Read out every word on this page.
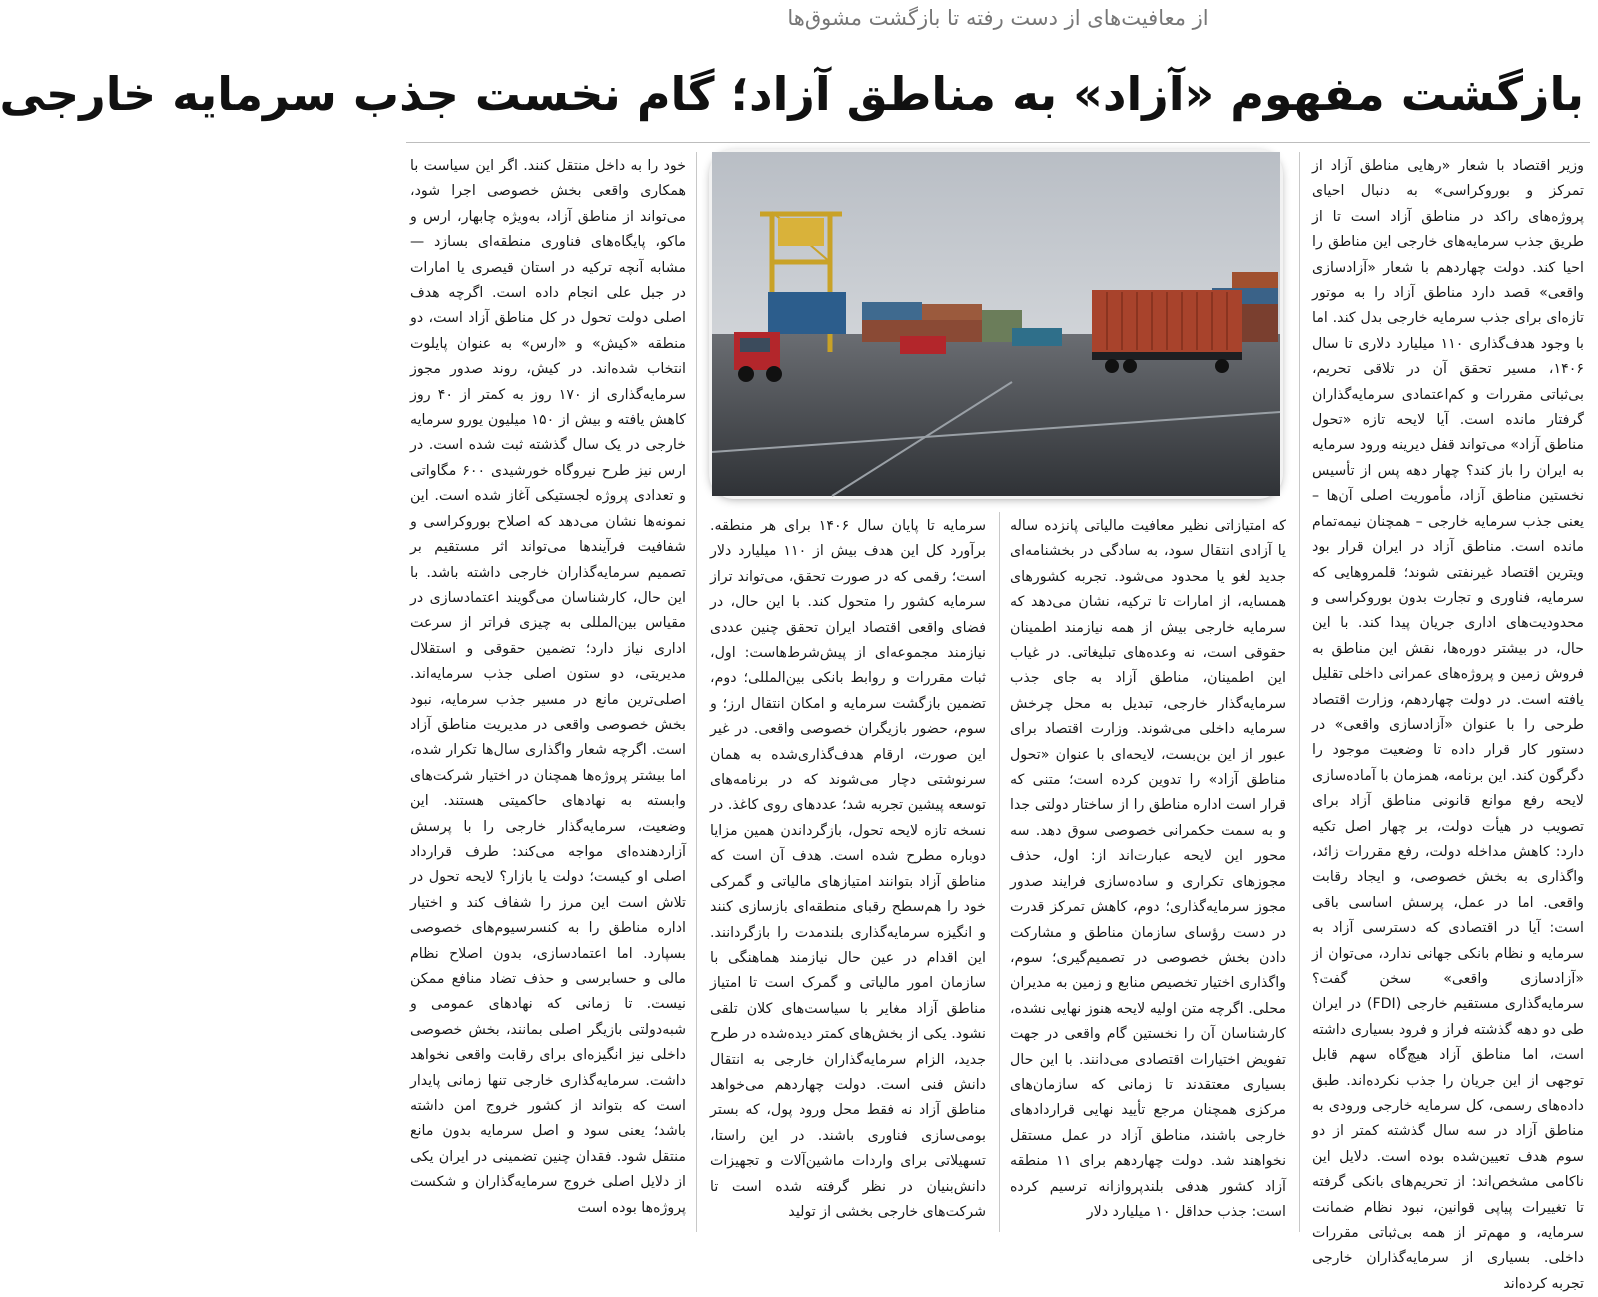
از معافیت‌های از دست رفته تا بازگشت مشوق‌ها
بازگشت مفهوم «آزاد» به مناطق آزاد؛ گام نخست جذب سرمایه خارجی

وزیر اقتصاد با شعار «رهایی مناطق آزاد از تمرکز و بوروکراسی» به دنبال احیای پروژه‌های راکد در مناطق آزاد است تا از طریق جذب سرمایه‌های خارجی این مناطق را احیا کند. دولت چهاردهم با شعار «آزادسازی واقعی» قصد دارد مناطق آزاد را به موتور تازه‌ای برای جذب سرمایه خارجی بدل کند. اما با وجود هدف‌گذاری ۱۱۰ میلیارد دلاری تا سال ۱۴۰۶، مسیر تحقق آن در تلاقی تحریم، بی‌ثباتی مقررات و کم‌اعتمادی سرمایه‌گذاران گرفتار مانده است. آیا لایحه تازه «تحول مناطق آزاد» می‌تواند قفل دیرینه ورود سرمایه به ایران را باز کند؟ چهار دهه پس از تأسیس نخستین مناطق آزاد، مأموریت اصلی آن‌ها – یعنی جذب سرمایه خارجی – همچنان نیمه‌تمام مانده است. مناطق آزاد در ایران قرار بود ویترین اقتصاد غیرنفتی شوند؛ قلمروهایی که سرمایه، فناوری و تجارت بدون بوروکراسی و محدودیت‌های اداری جریان پیدا کند. با این حال، در بیشتر دوره‌ها، نقش این مناطق به فروش زمین و پروژه‌های عمرانی داخلی تقلیل یافته است. در دولت چهاردهم، وزارت اقتصاد طرحی را با عنوان «آزادسازی واقعی» در دستور کار قرار داده تا وضعیت موجود را دگرگون کند. این برنامه، همزمان با آماده‌سازی لایحه رفع موانع قانونی مناطق آزاد برای تصویب در هیأت دولت، بر چهار اصل تکیه دارد: کاهش مداخله دولت، رفع مقررات زائد، واگذاری به بخش خصوصی، و ایجاد رقابت واقعی. اما در عمل، پرسش اساسی باقی است: آیا در اقتصادی که دسترسی آزاد به سرمایه و نظام بانکی جهانی ندارد، می‌توان از «آزادسازی واقعی» سخن گفت؟ سرمایه‌گذاری مستقیم خارجی (FDI) در ایران طی دو دهه گذشته فراز و فرود بسیاری داشته است، اما مناطق آزاد هیچ‌گاه سهم قابل توجهی از این جریان را جذب نکرده‌اند. طبق داده‌های رسمی، کل سرمایه خارجی ورودی به مناطق آزاد در سه سال گذشته کمتر از دو سوم هدف تعیین‌شده بوده است. دلایل این ناکامی مشخص‌اند: از تحریم‌های بانکی گرفته تا تغییرات پیاپی قوانین، نبود نظام ضمانت سرمایه، و مهم‌تر از همه بی‌ثباتی مقررات داخلی. بسیاری از سرمایه‌گذاران خارجی تجربه کرده‌اند

که امتیازاتی نظیر معافیت مالیاتی پانزده ساله یا آزادی انتقال سود، به سادگی در بخشنامه‌ای جدید لغو یا محدود می‌شود. تجربه کشورهای همسایه، از امارات تا ترکیه، نشان می‌دهد که سرمایه خارجی بیش از همه نیازمند اطمینان حقوقی است، نه وعده‌های تبلیغاتی. در غیاب این اطمینان، مناطق آزاد به جای جذب سرمایه‌گذار خارجی، تبدیل به محل چرخش سرمایه داخلی می‌شوند. وزارت اقتصاد برای عبور از این بن‌بست، لایحه‌ای با عنوان «تحول مناطق آزاد» را تدوین کرده است؛ متنی که قرار است اداره مناطق را از ساختار دولتی جدا و به سمت حکمرانی خصوصی سوق دهد. سه محور این لایحه عبارت‌اند از: اول، حذف مجوزهای تکراری و ساده‌سازی فرایند صدور مجوز سرمایه‌گذاری؛ دوم، کاهش تمرکز قدرت در دست رؤسای سازمان مناطق و مشارکت دادن بخش خصوصی در تصمیم‌گیری؛ سوم، واگذاری اختیار تخصیص منابع و زمین به مدیران محلی. اگرچه متن اولیه لایحه هنوز نهایی نشده، کارشناسان آن را نخستین گام واقعی در جهت تفویض اختیارات اقتصادی می‌دانند. با این حال بسیاری معتقدند تا زمانی که سازمان‌های مرکزی همچنان مرجع تأیید نهایی قراردادهای خارجی باشند، مناطق آزاد در عمل مستقل نخواهند شد. دولت چهاردهم برای ۱۱ منطقه آزاد کشور هدفی بلندپروازانه ترسیم کرده است: جذب حداقل ۱۰ میلیارد دلار

سرمایه تا پایان سال ۱۴۰۶ برای هر منطقه. برآورد کل این هدف بیش از ۱۱۰ میلیارد دلار است؛ رقمی که در صورت تحقق، می‌تواند تراز سرمایه کشور را متحول کند. با این حال، در فضای واقعی اقتصاد ایران تحقق چنین عددی نیازمند مجموعه‌ای از پیش‌شرط‌هاست: اول، ثبات مقررات و روابط بانکی بین‌المللی؛ دوم، تضمین بازگشت سرمایه و امکان انتقال ارز؛ و سوم، حضور بازیگران خصوصی واقعی. در غیر این صورت، ارقام هدف‌گذاری‌شده به همان سرنوشتی دچار می‌شوند که در برنامه‌های توسعه پیشین تجربه شد؛ عددهای روی کاغذ. در نسخه تازه لایحه تحول، بازگرداندن همین مزایا دوباره مطرح شده است. هدف آن است که مناطق آزاد بتوانند امتیازهای مالیاتی و گمرکی خود را هم‌سطح رقبای منطقه‌ای بازسازی کنند و انگیزه سرمایه‌گذاری بلندمدت را بازگردانند. این اقدام در عین حال نیازمند هماهنگی با سازمان امور مالیاتی و گمرک است تا امتیاز مناطق آزاد مغایر با سیاست‌های کلان تلقی نشود. یکی از بخش‌های کمتر دیده‌شده در طرح جدید، الزام سرمایه‌گذاران خارجی به انتقال دانش فنی است. دولت چهاردهم می‌خواهد مناطق آزاد نه فقط محل ورود پول، که بستر بومی‌سازی فناوری باشند. در این راستا، تسهیلاتی برای واردات ماشین‌آلات و تجهیزات دانش‌بنیان در نظر گرفته شده است تا شرکت‌های خارجی بخشی از تولید

خود را به داخل منتقل کنند. اگر این سیاست با همکاری واقعی بخش خصوصی اجرا شود، می‌تواند از مناطق آزاد، به‌ویژه چابهار، ارس و ماکو، پایگاه‌های فناوری منطقه‌ای بسازد — مشابه آنچه ترکیه در استان قیصری یا امارات در جبل علی انجام داده است. اگرچه هدف اصلی دولت تحول در کل مناطق آزاد است، دو منطقه «کیش» و «ارس» به عنوان پایلوت انتخاب شده‌اند. در کیش، روند صدور مجوز سرمایه‌گذاری از ۱۷۰ روز به کمتر از ۴۰ روز کاهش یافته و بیش از ۱۵۰ میلیون یورو سرمایه خارجی در یک سال گذشته ثبت شده است. در ارس نیز طرح نیروگاه خورشیدی ۶۰۰ مگاواتی و تعدادی پروژه لجستیکی آغاز شده است. این نمونه‌ها نشان می‌دهد که اصلاح بوروکراسی و شفافیت فرآیندها می‌تواند اثر مستقیم بر تصمیم سرمایه‌گذاران خارجی داشته باشد. با این حال، کارشناسان می‌گویند اعتمادسازی در مقیاس بین‌المللی به چیزی فراتر از سرعت اداری نیاز دارد؛ تضمین حقوقی و استقلال مدیریتی، دو ستون اصلی جذب سرمایه‌اند. اصلی‌ترین مانع در مسیر جذب سرمایه، نبود بخش خصوصی واقعی در مدیریت مناطق آزاد است. اگرچه شعار واگذاری سال‌ها تکرار شده، اما بیشتر پروژه‌ها همچنان در اختیار شرکت‌های وابسته به نهادهای حاکمیتی هستند. این وضعیت، سرمایه‌گذار خارجی را با پرسش آزاردهنده‌ای مواجه می‌کند: طرف قرارداد اصلی او کیست؛ دولت یا بازار؟ لایحه تحول در تلاش است این مرز را شفاف کند و اختیار اداره مناطق را به کنسرسیوم‌های خصوصی بسپارد. اما اعتمادسازی، بدون اصلاح نظام مالی و حسابرسی و حذف تضاد منافع ممکن نیست. تا زمانی که نهادهای عمومی و شبه‌دولتی بازیگر اصلی بمانند، بخش خصوصی داخلی نیز انگیزه‌ای برای رقابت واقعی نخواهد داشت. سرمایه‌گذاری خارجی تنها زمانی پایدار است که بتواند از کشور خروج امن داشته باشد؛ یعنی سود و اصل سرمایه بدون مانع منتقل شود. فقدان چنین تضمینی در ایران یکی از دلایل اصلی خروج سرمایه‌گذاران و شکست پروژه‌ها بوده است
